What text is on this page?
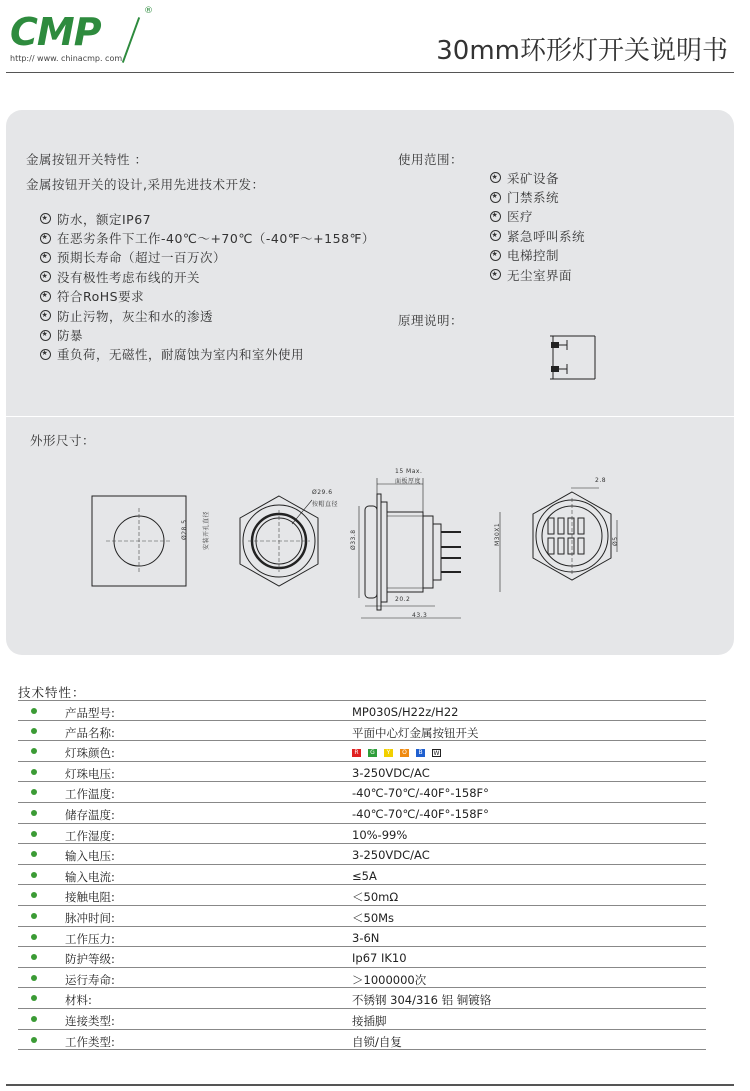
CMP	®
http:// www. chinacmp. com	30mm环形灯开关说明书
金属按钮开关特性 ：
金属按钮开关的设计,采用先进技术开发：
★
防水，额定IP67
★
在恶劣条件下工作-40℃～+70℃（-40℉～+158℉）
★
预期长寿命（超过一百万次）
★
没有极性考虑布线的开关
★
符合RoHS要求
★
防止污物，灰尘和水的渗透
★
防暴
★
重负荷，无磁性，耐腐蚀为室内和室外使用
使用范围：
★
采矿设备
★
门禁系统
★
医疗
★
紧急呼叫系统
★
电梯控制
★
无尘室界面
原理说明：
外形尺寸：
Ø28.5	安装开孔直径
Ø29.6
按帽直径
15 Max.
面板厚度
Ø33.8	M30X1
20.2
43.3
2.8
Ø5
技术特性：
产品型号:	MP030S/H22z/H22
产品名称:	平面中心灯金属按钮开关
灯珠颜色:	R G Y O B W
灯珠电压:	3-250VDC/AC
工作温度:	-40℃-70℃/-40F°-158F°
储存温度:	-40℃-70℃/-40F°-158F°
工作湿度:	10%-99%
输入电压:	3-250VDC/AC
输入电流:	≤5A
接触电阻:	＜50mΩ
脉冲时间:	＜50Ms
工作压力:	3-6N
防护等级:	Ip67 IK10
运行寿命:	＞1000000次
材料:	不锈钢 304/316 铝 铜镀铬
连接类型:	接插脚
工作类型:	自锁/自复
